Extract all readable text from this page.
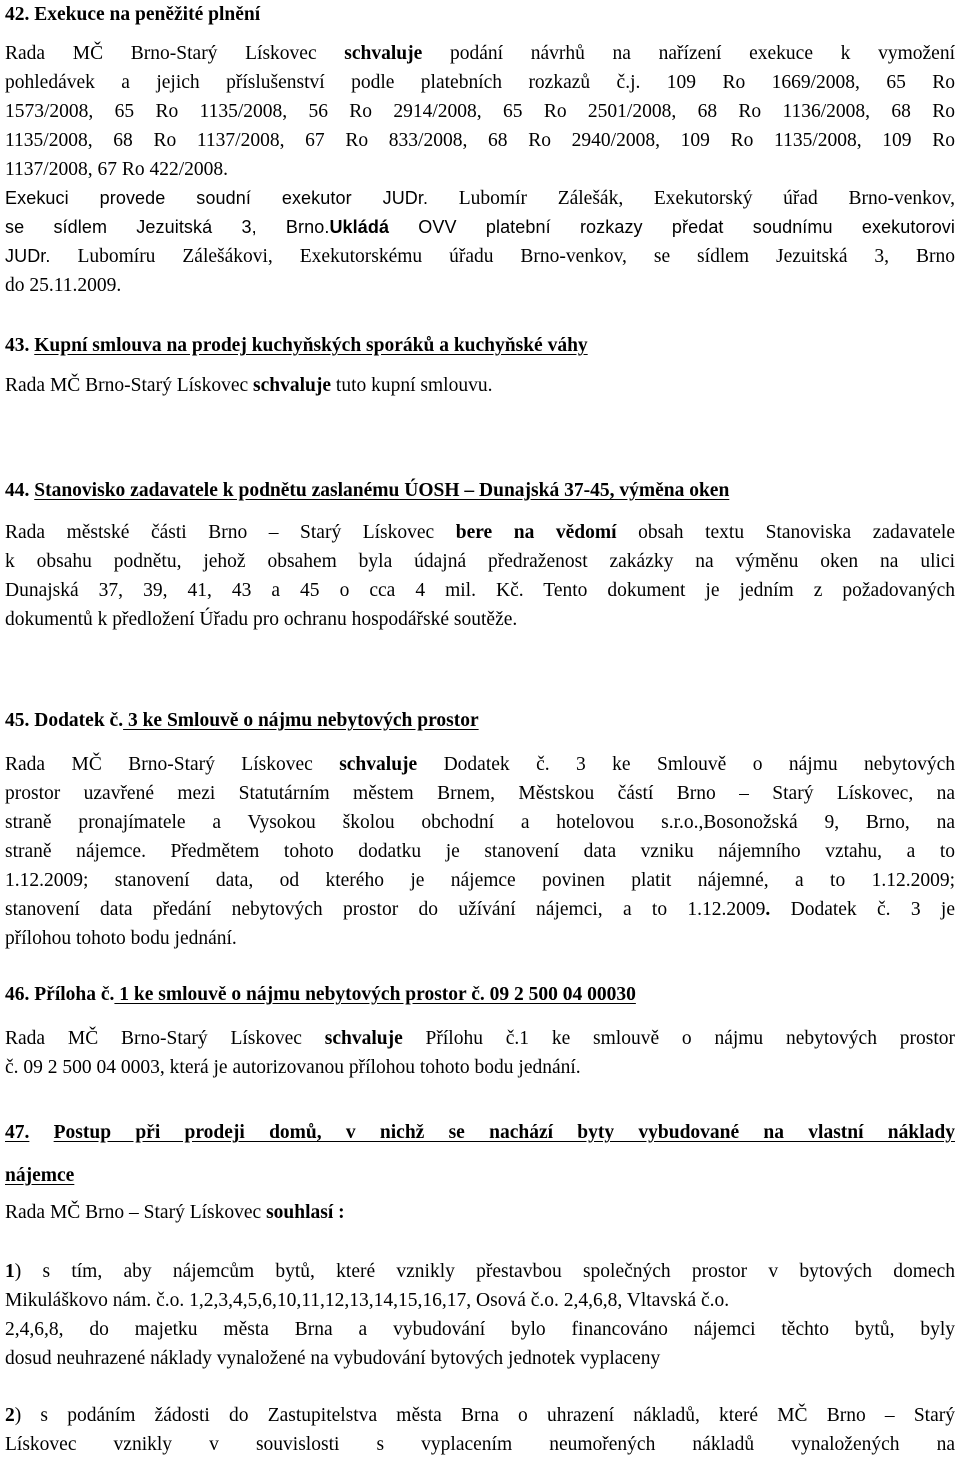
42. Exekuce na peněžité plnění

Rada MČ Brno-Starý Lískovec schvaluje podání návrhů na nařízení exekuce k vymožení
pohledávek a jejich příslušenství podle platebních rozkazů č.j. 109 Ro 1669/2008, 65 Ro
1573/2008, 65 Ro 1135/2008, 56 Ro 2914/2008, 65 Ro 2501/2008, 68 Ro 1136/2008, 68 Ro
1135/2008, 68 Ro 1137/2008, 67 Ro 833/2008, 68 Ro 2940/2008, 109 Ro 1135/2008, 109 Ro
1137/2008, 67 Ro 422/2008.
Exekuci provede soudní exekutor JUDr. Lubomír Zálešák, Exekutorský úřad Brno-venkov,
se sídlem Jezuitská 3, Brno.Ukládá OVV platební rozkazy předat soudnímu exekutorovi
JUDr. Lubomíru Zálešákovi, Exekutorskému úřadu Brno-venkov, se sídlem Jezuitská 3, Brno
do 25.11.2009.

43. Kupní smlouva na prodej kuchyňských sporáků a kuchyňské váhy

Rada MČ Brno-Starý Lískovec schvaluje tuto kupní smlouvu.

44. Stanovisko zadavatele k podnětu zaslanému ÚOSH – Dunajská 37-45, výměna oken

Rada městské části Brno – Starý Lískovec bere na vědomí obsah textu Stanoviska zadavatele
k obsahu podnětu, jehož obsahem byla údajná předraženost zakázky na výměnu oken na ulici
Dunajská 37, 39, 41, 43 a 45 o cca 4 mil. Kč. Tento dokument je jedním z požadovaných
dokumentů k předložení Úřadu pro ochranu hospodářské soutěže.

45. Dodatek č. 3 ke Smlouvě o nájmu nebytových prostor

Rada MČ Brno-Starý Lískovec schvaluje Dodatek č. 3 ke Smlouvě o nájmu nebytových
prostor uzavřené mezi Statutárním městem Brnem, Městskou částí Brno – Starý Lískovec, na
straně pronajímatele a Vysokou školou obchodní a hotelovou s.r.o.,Bosonožská 9, Brno, na
straně nájemce. Předmětem tohoto dodatku je stanovení data vzniku nájemního vztahu, a to
1.12.2009; stanovení data, od kterého je nájemce povinen platit nájemné, a to 1.12.2009;
stanovení data předání nebytových prostor do užívání nájemci, a to 1.12.2009. Dodatek č. 3 je
přílohou tohoto bodu jednání.

46. Příloha č. 1 ke smlouvě o nájmu nebytových prostor č. 09 2 500 04 00030

Rada MČ Brno-Starý Lískovec schvaluje Přílohu č.1 ke smlouvě o nájmu nebytových prostor
č. 09 2 500 04 0003, která je autorizovanou přílohou tohoto bodu jednání.
47. Postup při prodeji domů, v nichž se nachází byty vybudované na vlastní náklady
nájemce
Rada MČ Brno – Starý Lískovec souhlasí :
1) s tím, aby nájemcům bytů, které vznikly přestavbou společných prostor v bytových domech
Mikuláškovo nám. č.o. 1,2,3,4,5,6,10,11,12,13,14,15,16,17, Osová č.o. 2,4,6,8, Vltavská č.o.
2,4,6,8, do majetku města Brna a vybudování bylo financováno nájemci těchto bytů, byly
dosud neuhrazené náklady vynaložené na vybudování bytových jednotek vyplaceny
2) s podáním žádosti do Zastupitelstva města Brna o uhrazení nákladů, které MČ Brno – Starý
Lískovec vznikly v souvislosti s vyplacením neumořených nákladů vynaložených na
